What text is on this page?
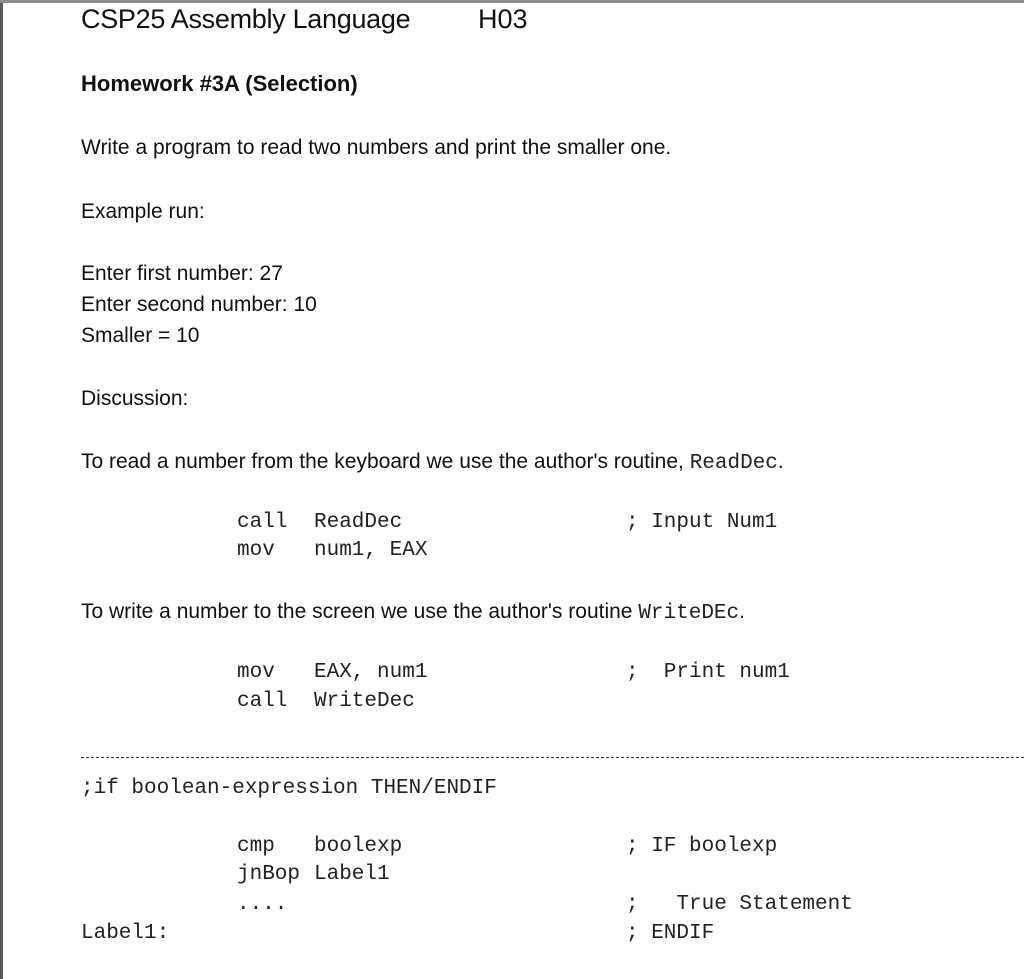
CSP25 Assembly Language	H03
Homework #3A (Selection)
Write a program to read two numbers and print the smaller one.
Example run:
Enter first number: 27
Enter second number: 10
Smaller = 10
Discussion:
To read a number from the keyboard we use the author's routine, ReadDec.
call ReadDec	; Input Num1
mov num1, EAX
To write a number to the screen we use the author's routine WriteDEc.
mov EAX, num1	;  Print num1
call WriteDec
;if boolean-expression THEN/ENDIF
cmp boolexp	; IF boolexp
jnBop Label1
....	;   True Statement
Label1:	; ENDIF
